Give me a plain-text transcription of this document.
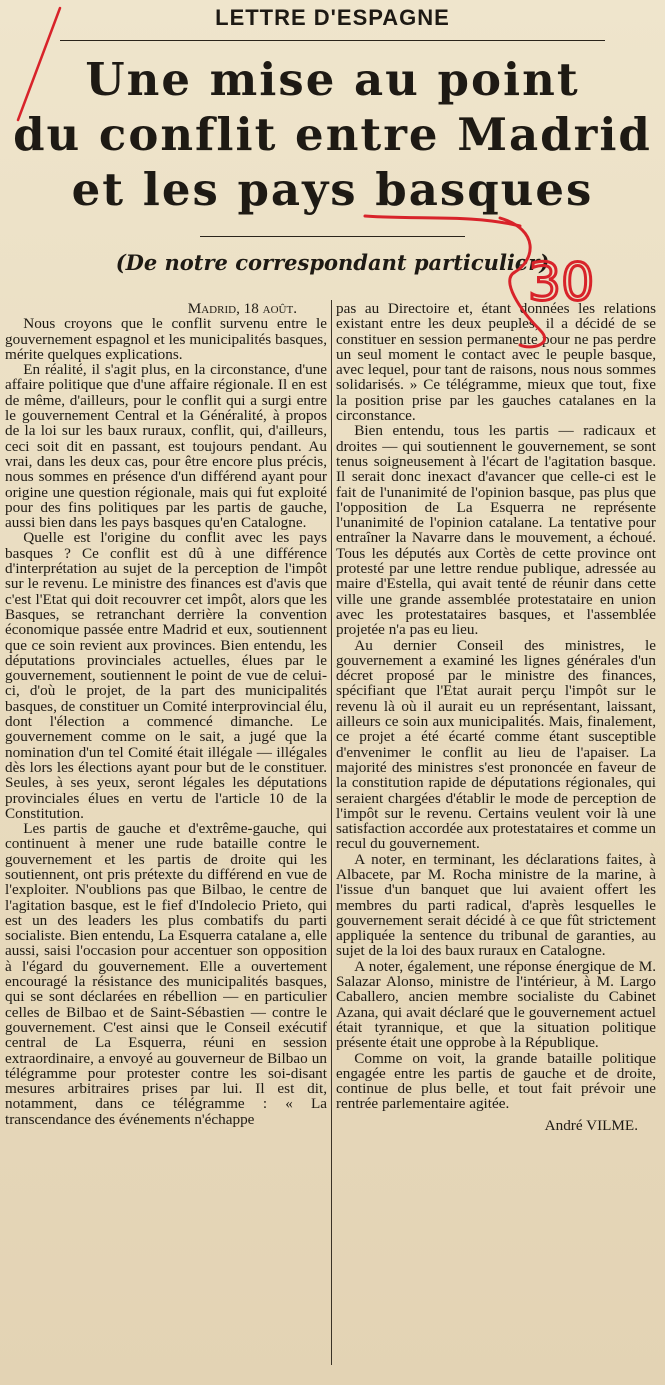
LETTRE D'ESPAGNE
Une mise au point
du conflit entre Madrid
et les pays basques
(De notre correspondant particulier)

Madrid, 18 août.

Nous croyons que le conflit survenu entre le gouvernement espagnol et les municipalités basques, mérite quelques explications.

En réalité, il s'agit plus, en la circonstance, d'une affaire politique que d'une affaire régionale. Il en est de même, d'ailleurs, pour le conflit qui a surgi entre le gouvernement Central et la Généralité, à propos de la loi sur les baux ruraux, conflit, qui, d'ailleurs, ceci soit dit en passant, est toujours pendant. Au vrai, dans les deux cas, pour être encore plus précis, nous sommes en présence d'un différend ayant pour origine une question régionale, mais qui fut exploité pour des fins politiques par les partis de gauche, aussi bien dans les pays basques qu'en Catalogne.

Quelle est l'origine du conflit avec les pays basques ? Ce conflit est dû à une différence d'interprétation au sujet de la perception de l'impôt sur le revenu. Le ministre des finances est d'avis que c'est l'Etat qui doit recouvrer cet impôt, alors que les Basques, se retranchant derrière la convention économique passée entre Madrid et eux, soutiennent que ce soin revient aux provinces. Bien entendu, les députations provinciales actuelles, élues par le gouvernement, soutiennent le point de vue de celui-ci, d'où le projet, de la part des municipalités basques, de constituer un Comité interprovincial élu, dont l'élection a commencé dimanche. Le gouvernement comme on le sait, a jugé que la nomination d'un tel Comité était illégale — illégales dès lors les élections ayant pour but de le constituer. Seules, à ses yeux, seront légales les députations provinciales élues en vertu de l'article 10 de la Constitution.

Les partis de gauche et d'extrême-gauche, qui continuent à mener une rude bataille contre le gouvernement et les partis de droite qui les soutiennent, ont pris prétexte du différend en vue de l'exploiter. N'oublions pas que Bilbao, le centre de l'agitation basque, est le fief d'Indolecio Prieto, qui est un des leaders les plus combatifs du parti socialiste. Bien entendu, La Esquerra catalane a, elle aussi, saisi l'occasion pour accentuer son opposition à l'égard du gouvernement. Elle a ouvertement encouragé la résistance des municipalités basques, qui se sont déclarées en rébellion — en particulier celles de Bilbao et de Saint-Sébastien — contre le gouvernement. C'est ainsi que le Conseil exécutif central de La Esquerra, réuni en session extraordinaire, a envoyé au gouverneur de Bilbao un télégramme pour protester contre les soi-disant mesures arbitraires prises par lui. Il est dit, notamment, dans ce télégramme : « La transcendance des événements n'échappe

pas au Directoire et, étant données les relations existant entre les deux peuples, il a décidé de se constituer en session permanente pour ne pas perdre un seul moment le contact avec le peuple basque, avec lequel, pour tant de raisons, nous nous sommes solidarisés. » Ce télégramme, mieux que tout, fixe la position prise par les gauches catalanes en la circonstance.

Bien entendu, tous les partis — radicaux et droites — qui soutiennent le gouvernement, se sont tenus soigneusement à l'écart de l'agitation basque. Il serait donc inexact d'avancer que celle-ci est le fait de l'unanimité de l'opinion basque, pas plus que l'opposition de La Esquerra ne représente l'unanimité de l'opinion catalane. La tentative pour entraîner la Navarre dans le mouvement, a échoué. Tous les députés aux Cortès de cette province ont protesté par une lettre rendue publique, adressée au maire d'Estella, qui avait tenté de réunir dans cette ville une grande assemblée protestataire en union avec les protestataires basques, et l'assemblée projetée n'a pas eu lieu.

Au dernier Conseil des ministres, le gouvernement a examiné les lignes générales d'un décret proposé par le ministre des finances, spécifiant que l'Etat aurait perçu l'impôt sur le revenu là où il aurait eu un représentant, laissant, ailleurs ce soin aux municipalités. Mais, finalement, ce projet a été écarté comme étant susceptible d'envenimer le conflit au lieu de l'apaiser. La majorité des ministres s'est prononcée en faveur de la constitution rapide de députations régionales, qui seraient chargées d'établir le mode de perception de l'impôt sur le revenu. Certains veulent voir là une satisfaction accordée aux protestataires et comme un recul du gouvernement.

A noter, en terminant, les déclarations faites, à Albacete, par M. Rocha ministre de la marine, à l'issue d'un banquet que lui avaient offert les membres du parti radical, d'après lesquelles le gouvernement serait décidé à ce que fût strictement appliquée la sentence du tribunal de garanties, au sujet de la loi des baux ruraux en Catalogne.

A noter, également, une réponse énergique de M. Salazar Alonso, ministre de l'intérieur, à M. Largo Caballero, ancien membre socialiste du Cabinet Azana, qui avait déclaré que le gouvernement actuel était tyrannique, et que la situation politique présente était une opprobe à la République.

Comme on voit, la grande bataille politique engagée entre les partis de gauche et de droite, continue de plus belle, et tout fait prévoir une rentrée parlementaire agitée.

André VILME.

30
